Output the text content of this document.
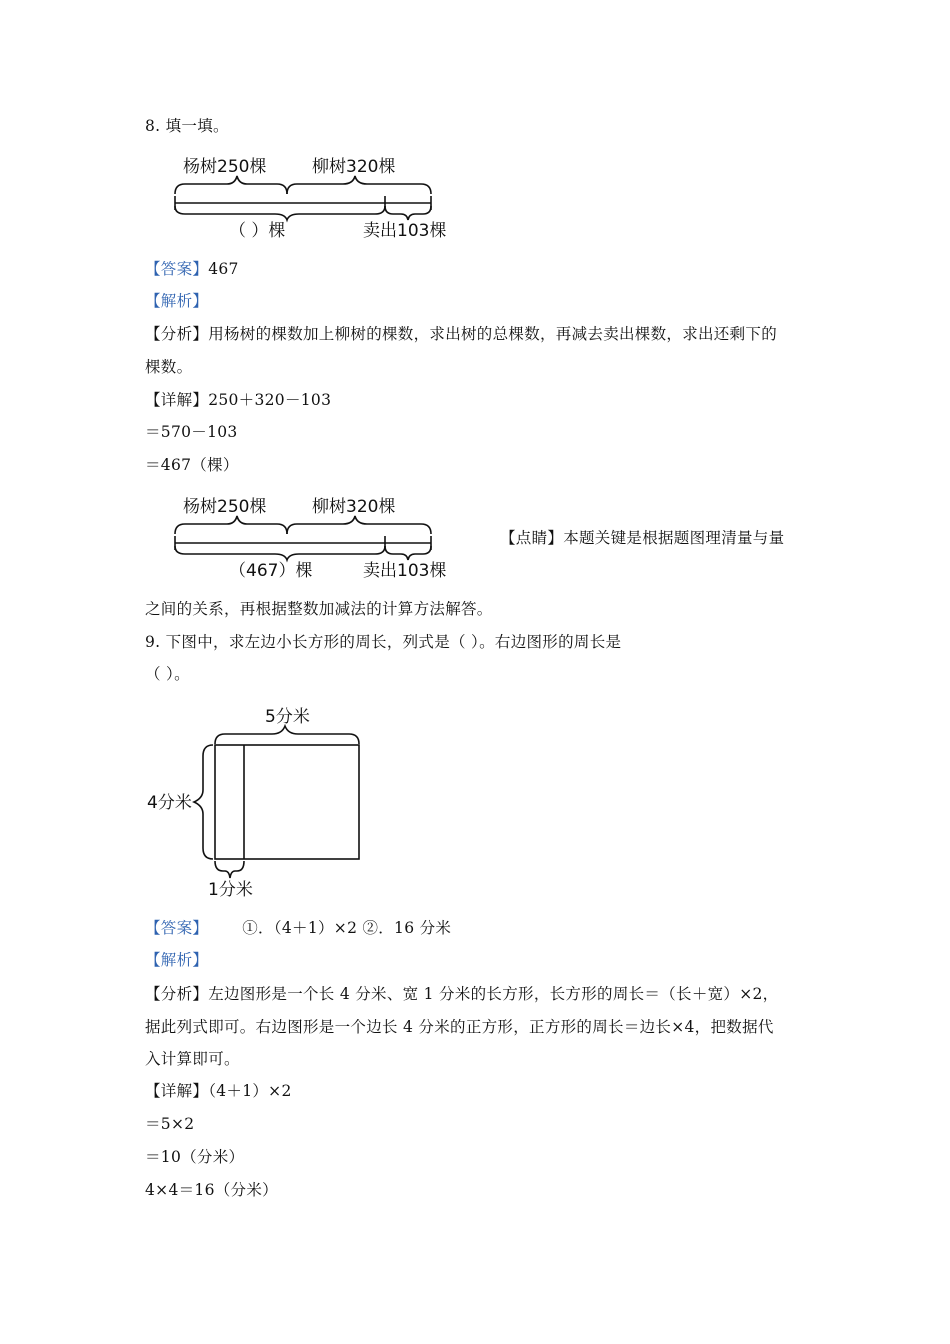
8. 填一填。
杨树250棵	柳树320棵
（ ）棵	卖出103棵
【答案】467
【解析】
【分析】用杨树的棵数加上柳树的棵数，求出树的总棵数，再减去卖出棵数，求出还剩下的
棵数。
【详解】250＋320－103
＝570－103
＝467（棵）
杨树250棵	柳树320棵
（467）棵	卖出103棵
【点睛】本题关键是根据题图理清量与量
之间的关系，再根据整数加减法的计算方法解答。
9. 下图中，求左边小长方形的周长，列式是（ ）。右边图形的周长是
（ ）。
5分米
4分米
1分米
【答案】 ①．（4＋1）×2 ②．16 分米
【解析】
【分析】左边图形是一个长 4 分米、宽 1 分米的长方形，长方形的周长＝（长＋宽）×2，
据此列式即可。右边图形是一个边长 4 分米的正方形，正方形的周长＝边长×4，把数据代
入计算即可。
【详解】（4＋1）×2
＝5×2
＝10（分米）
4×4＝16（分米）
